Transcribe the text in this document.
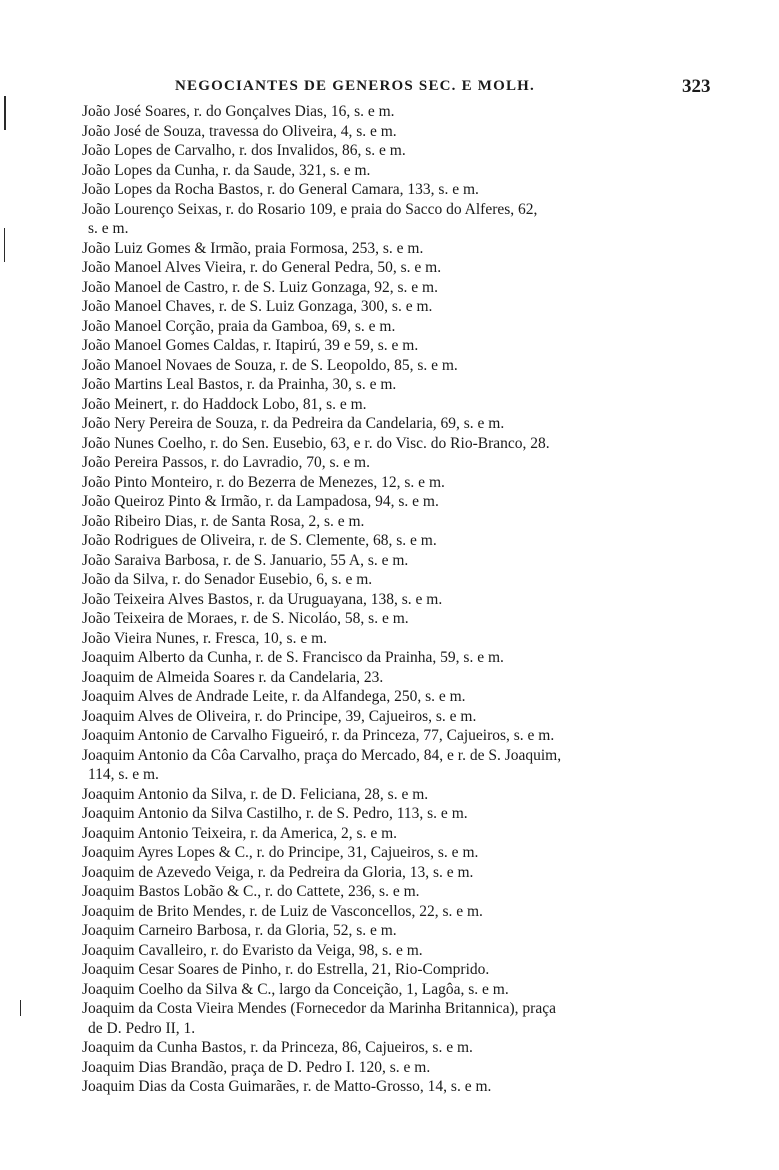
NEGOCIANTES DE GENEROS SEC. E MOLH.	323
João José Soares, r. do Gonçalves Dias, 16, s. e m.
João José de Souza, travessa do Oliveira, 4, s. e m.
João Lopes de Carvalho, r. dos Invalidos, 86, s. e m.
João Lopes da Cunha, r. da Saude, 321, s. e m.
João Lopes da Rocha Bastos, r. do General Camara, 133, s. e m.
João Lourenço Seixas, r. do Rosario 109, e praia do Sacco do Alferes, 62,
s. e m.
João Luiz Gomes & Irmão, praia Formosa, 253, s. e m.
João Manoel Alves Vieira, r. do General Pedra, 50, s. e m.
João Manoel de Castro, r. de S. Luiz Gonzaga, 92, s. e m.
João Manoel Chaves, r. de S. Luiz Gonzaga, 300, s. e m.
João Manoel Corção, praia da Gamboa, 69, s. e m.
João Manoel Gomes Caldas, r. Itapirú, 39 e 59, s. e m.
João Manoel Novaes de Souza, r. de S. Leopoldo, 85, s. e m.
João Martins Leal Bastos, r. da Prainha, 30, s. e m.
João Meinert, r. do Haddock Lobo, 81, s. e m.
João Nery Pereira de Souza, r. da Pedreira da Candelaria, 69, s. e m.
João Nunes Coelho, r. do Sen. Eusebio, 63, e r. do Visc. do Rio-Branco, 28.
João Pereira Passos, r. do Lavradio, 70, s. e m.
João Pinto Monteiro, r. do Bezerra de Menezes, 12, s. e m.
João Queiroz Pinto & Irmão, r. da Lampadosa, 94, s. e m.
João Ribeiro Dias, r. de Santa Rosa, 2, s. e m.
João Rodrigues de Oliveira, r. de S. Clemente, 68, s. e m.
João Saraiva Barbosa, r. de S. Januario, 55 A, s. e m.
João da Silva, r. do Senador Eusebio, 6, s. e m.
João Teixeira Alves Bastos, r. da Uruguayana, 138, s. e m.
João Teixeira de Moraes, r. de S. Nicoláo, 58, s. e m.
João Vieira Nunes, r. Fresca, 10, s. e m.
Joaquim Alberto da Cunha, r. de S. Francisco da Prainha, 59, s. e m.
Joaquim de Almeida Soares r. da Candelaria, 23.
Joaquim Alves de Andrade Leite, r. da Alfandega, 250, s. e m.
Joaquim Alves de Oliveira, r. do Principe, 39, Cajueiros, s. e m.
Joaquim Antonio de Carvalho Figueiró, r. da Princeza, 77, Cajueiros, s. e m.
Joaquim Antonio da Côa Carvalho, praça do Mercado, 84, e r. de S. Joaquim,
114, s. e m.
Joaquim Antonio da Silva, r. de D. Feliciana, 28, s. e m.
Joaquim Antonio da Silva Castilho, r. de S. Pedro, 113, s. e m.
Joaquim Antonio Teixeira, r. da America, 2, s. e m.
Joaquim Ayres Lopes & C., r. do Principe, 31, Cajueiros, s. e m.
Joaquim de Azevedo Veiga, r. da Pedreira da Gloria, 13, s. e m.
Joaquim Bastos Lobão & C., r. do Cattete, 236, s. e m.
Joaquim de Brito Mendes, r. de Luiz de Vasconcellos, 22, s. e m.
Joaquim Carneiro Barbosa, r. da Gloria, 52, s. e m.
Joaquim Cavalleiro, r. do Evaristo da Veiga, 98, s. e m.
Joaquim Cesar Soares de Pinho, r. do Estrella, 21, Rio-Comprido.
Joaquim Coelho da Silva & C., largo da Conceição, 1, Lagôa, s. e m.
Joaquim da Costa Vieira Mendes (Fornecedor da Marinha Britannica), praça
de D. Pedro II, 1.
Joaquim da Cunha Bastos, r. da Princeza, 86, Cajueiros, s. e m.
Joaquim Dias Brandão, praça de D. Pedro I. 120, s. e m.
Joaquim Dias da Costa Guimarães, r. de Matto-Grosso, 14, s. e m.
